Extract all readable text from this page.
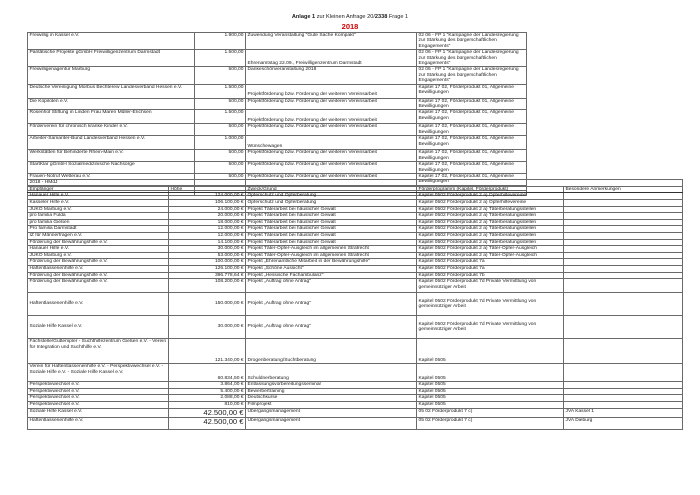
Anlage 1 zur Kleinen Anfrage 20/2338 Frage 1
2018
Freiwillig in Kassel e.V.	1.900,00	Zuwendung Veranstaltung "Gute Sache Kompakt"	02 06 - FP 1 "Kampagne der Landesregierung zur Stärkung des bürgerschaftlichen Engagements"
Paritätische Projekte gGmbH Freiwilligenzentrum Darmstadt	1.500,00	Ehrenamtstag 22.09., Freiwilligenzentrum Darmstadt	02 06 - FP 1 "Kampagne der Landesregierung zur Stärkung des bürgerschaftlichen Engagements"
Freiwilligenagentur Marburg	500,00	Dankeschönveranstaltung 2018	02 06 - FP 1 "Kampagne der Landesregierung zur Stärkung des bürgerschaftlichen Engagements"
Deutsche Vereinigung Morbus Bechterew Landesverband Hessen e.V.	1.500,00	Projektförderung bzw. Förderung der weiteren Vereinsarbeit	Kapitel 17 02, Förderprodukt 01, Allgemeine Bewilligungen
Die Kopiloten e.V.	500,00	Projektförderung bzw. Förderung der weiteren Vereinsarbeit	Kapitel 17 02, Förderprodukt 01, Allgemeine Bewilligungen
Rosenhof Stiftung in Linden Frau Maren Müller-Erichsen	1.500,00	Projektförderung bzw. Förderung der weiteren Vereinsarbeit	Kapitel 17 02, Förderprodukt 01, Allgemeine Bewilligungen
Förderverein für chronisch kranke Kinder e.V.	500,00	Projektförderung bzw. Förderung der weiteren Vereinsarbeit	Kapitel 17 02, Förderprodukt 01, Allgemeine Bewilligungen
Arbeiter-Samariter-Bund Landesverband Hessen e.V.	1.000,00	Wünschewagen	Kapitel 17 02, Förderprodukt 01, Allgemeine Bewilligungen
Werkstätten für Behinderte Rhein-Main e.V.	500,00	Projektförderung bzw. Förderung der weiteren Vereinsarbeit	Kapitel 17 02, Förderprodukt 01, Allgemeine Bewilligungen
StartKlar gGmbH Sozialmedizinische Nachsorge	500,00	Projektförderung bzw. Förderung der weiteren Vereinsarbeit	Kapitel 17 02, Förderprodukt 01, Allgemeine Bewilligungen
Frauen-Notruf Wetterau e.V.	500,00	Projektförderung bzw. Förderung der weiteren Vereinsarbeit	Kapitel 17 02, Förderprodukt 01, Allgemeine Bewilligungen

2018 - HMdJ				
Empfänger	Höhe	Zweck/Grund	Förderprogramm (Kapitel, Förderprodukt)	Besondere Anmerkungen
Hanauer Hilfe e.V.	124.000,00 €	Opferschutz und Opferberatung	Kapitel 0502 Förderprodukt 2 a) Opferhilfevereine	
Kasseler Hilfe e.V.	106.100,00 €	Opferschutz und Opferberatung	Kapitel 0502 Förderprodukt 2 a) Opferhilfevereine	
JUKO Marburg e.V.	24.000,00 €	Projekt Täterarbeit bei häuslicher Gewalt	Kapitel 0502 Förderprodukt 2 a) Täterberatungsstellen	
pro familia Fulda	20.000,00 €	Projekt Täterarbeit bei häuslicher Gewalt	Kapitel 0502 Förderprodukt 2 a) Täterberatungsstellen	
pro familia Gießen	18.000,00 €	Projekt Täterarbeit bei häuslicher Gewalt	Kapitel 0502 Förderprodukt 2 a) Täterberatungsstellen	
Pro familia Darmstadt	12.000,00 €	Projekt Täterarbeit bei häuslicher Gewalt	Kapitel 0502 Förderprodukt 2 a) Täterberatungsstellen	
IZ für Männerfragen e.V.	12.000,00 €	Projekt Täterarbeit bei häuslicher Gewalt	Kapitel 0502 Förderprodukt 2 a) Täterberatungsstellen	
Förderung der Bewährungshilfe e.V.	14.100,00 €	Projekt Täterarbeit bei häuslicher Gewalt	Kapitel 0502 Förderprodukt 2 a) Täterberatungsstellen	
Hanauer Hilfe e.V.	30.000,00 €	Projekt Täter-Opfer-Ausgleich im allgemeinen Strafrecht	Kapitel 0502 Förderprodukt 2 a) Täter-Opfer-Ausgleich	
JUKO Marburg e.V.	53.000,00 €	Projekt Täter-Opfer-Ausgleich im allgemeinen Strafrecht	Kapitel 0502 Förderprodukt 2 a) Täter-Opfer-Ausgleich	
Förderung der Bewährungshilfe e.V.	100.000,00 €	Projekt „Ehrenamtliche Mitarbeit in der Bewährungshilfe"	Kapitel 0502 Förderprodukt 7a	
Haftentlassenenhilfe e.V.	126.100,00 €	Projekt „Schöne Aussicht"	Kapitel 0502 Förderprodukt 7a	
Förderung der Bewährungshilfe e.V.	396.778,64 €	Projekt „Hessische Fachambulanz"	Kapitel 0502 Förderprodukt 7b	
Förderung der Bewährungshilfe e.V.	108.200,00 €	Projekt „Auftrag ohne Antrag"	Kapitel 0502 Förderprodukt 7d Private Vermittlung von gemeinnütziger Arbeit	
Haftentlassenenhilfe e.V.	150.000,00 €	Projekt „Auftrag ohne Antrag"	Kapitel 0502 Förderprodukt 7d Private Vermittlung von gemeinnütziger Arbeit	
Soziale Hilfe Kassel e.V.	30.000,00 €	Projekt „Auftrag ohne Antrag"	Kapitel 0502 Förderprodukt 7d Private Vermittlung von gemeinnütziger Arbeit	
Fachstelle/Guttempler - Suchthilfezentrum Gießen e.V. - Verein für Integration und Suchthilfe e.V.	121.340,00 €	Drogenberatung/Suchtberatung	Kapitel 0505	
Verein für Haftentlassenenhilfe e.V. - Perspektivwechsel e.V. - Soziale Hilfe e.V. - Soziale Hilfe Kassel e.V.	60.834,50 €	Schuldnerberatung	Kapitel 0505	
Perspektivwechsel e.V.	3.864,00 €	Entlassungsvorbereitungsseminar	Kapitel 0505	
Perspektivwechsel e.V.	5.400,00 €	Bewerbertraining	Kapitel 0505	
Perspektivwechsel e.V.	2.088,00 €	Deutschkurse	Kapitel 0505	
Perspektivwechsel e.V.	810,00 €	Filmprojekt	Kapitel 0505	
Soziale Hilfe Kassel e.V.	42.500,00 €	Übergangsmanagement	05 02 Förderprodukt 7 c)	JVA Kassel 1
Haftentlassenenhilfe e.V.	42.500,00 €	Übergangsmanagement	05 02 Förderprodukt 7 c)	JVA Dieburg
